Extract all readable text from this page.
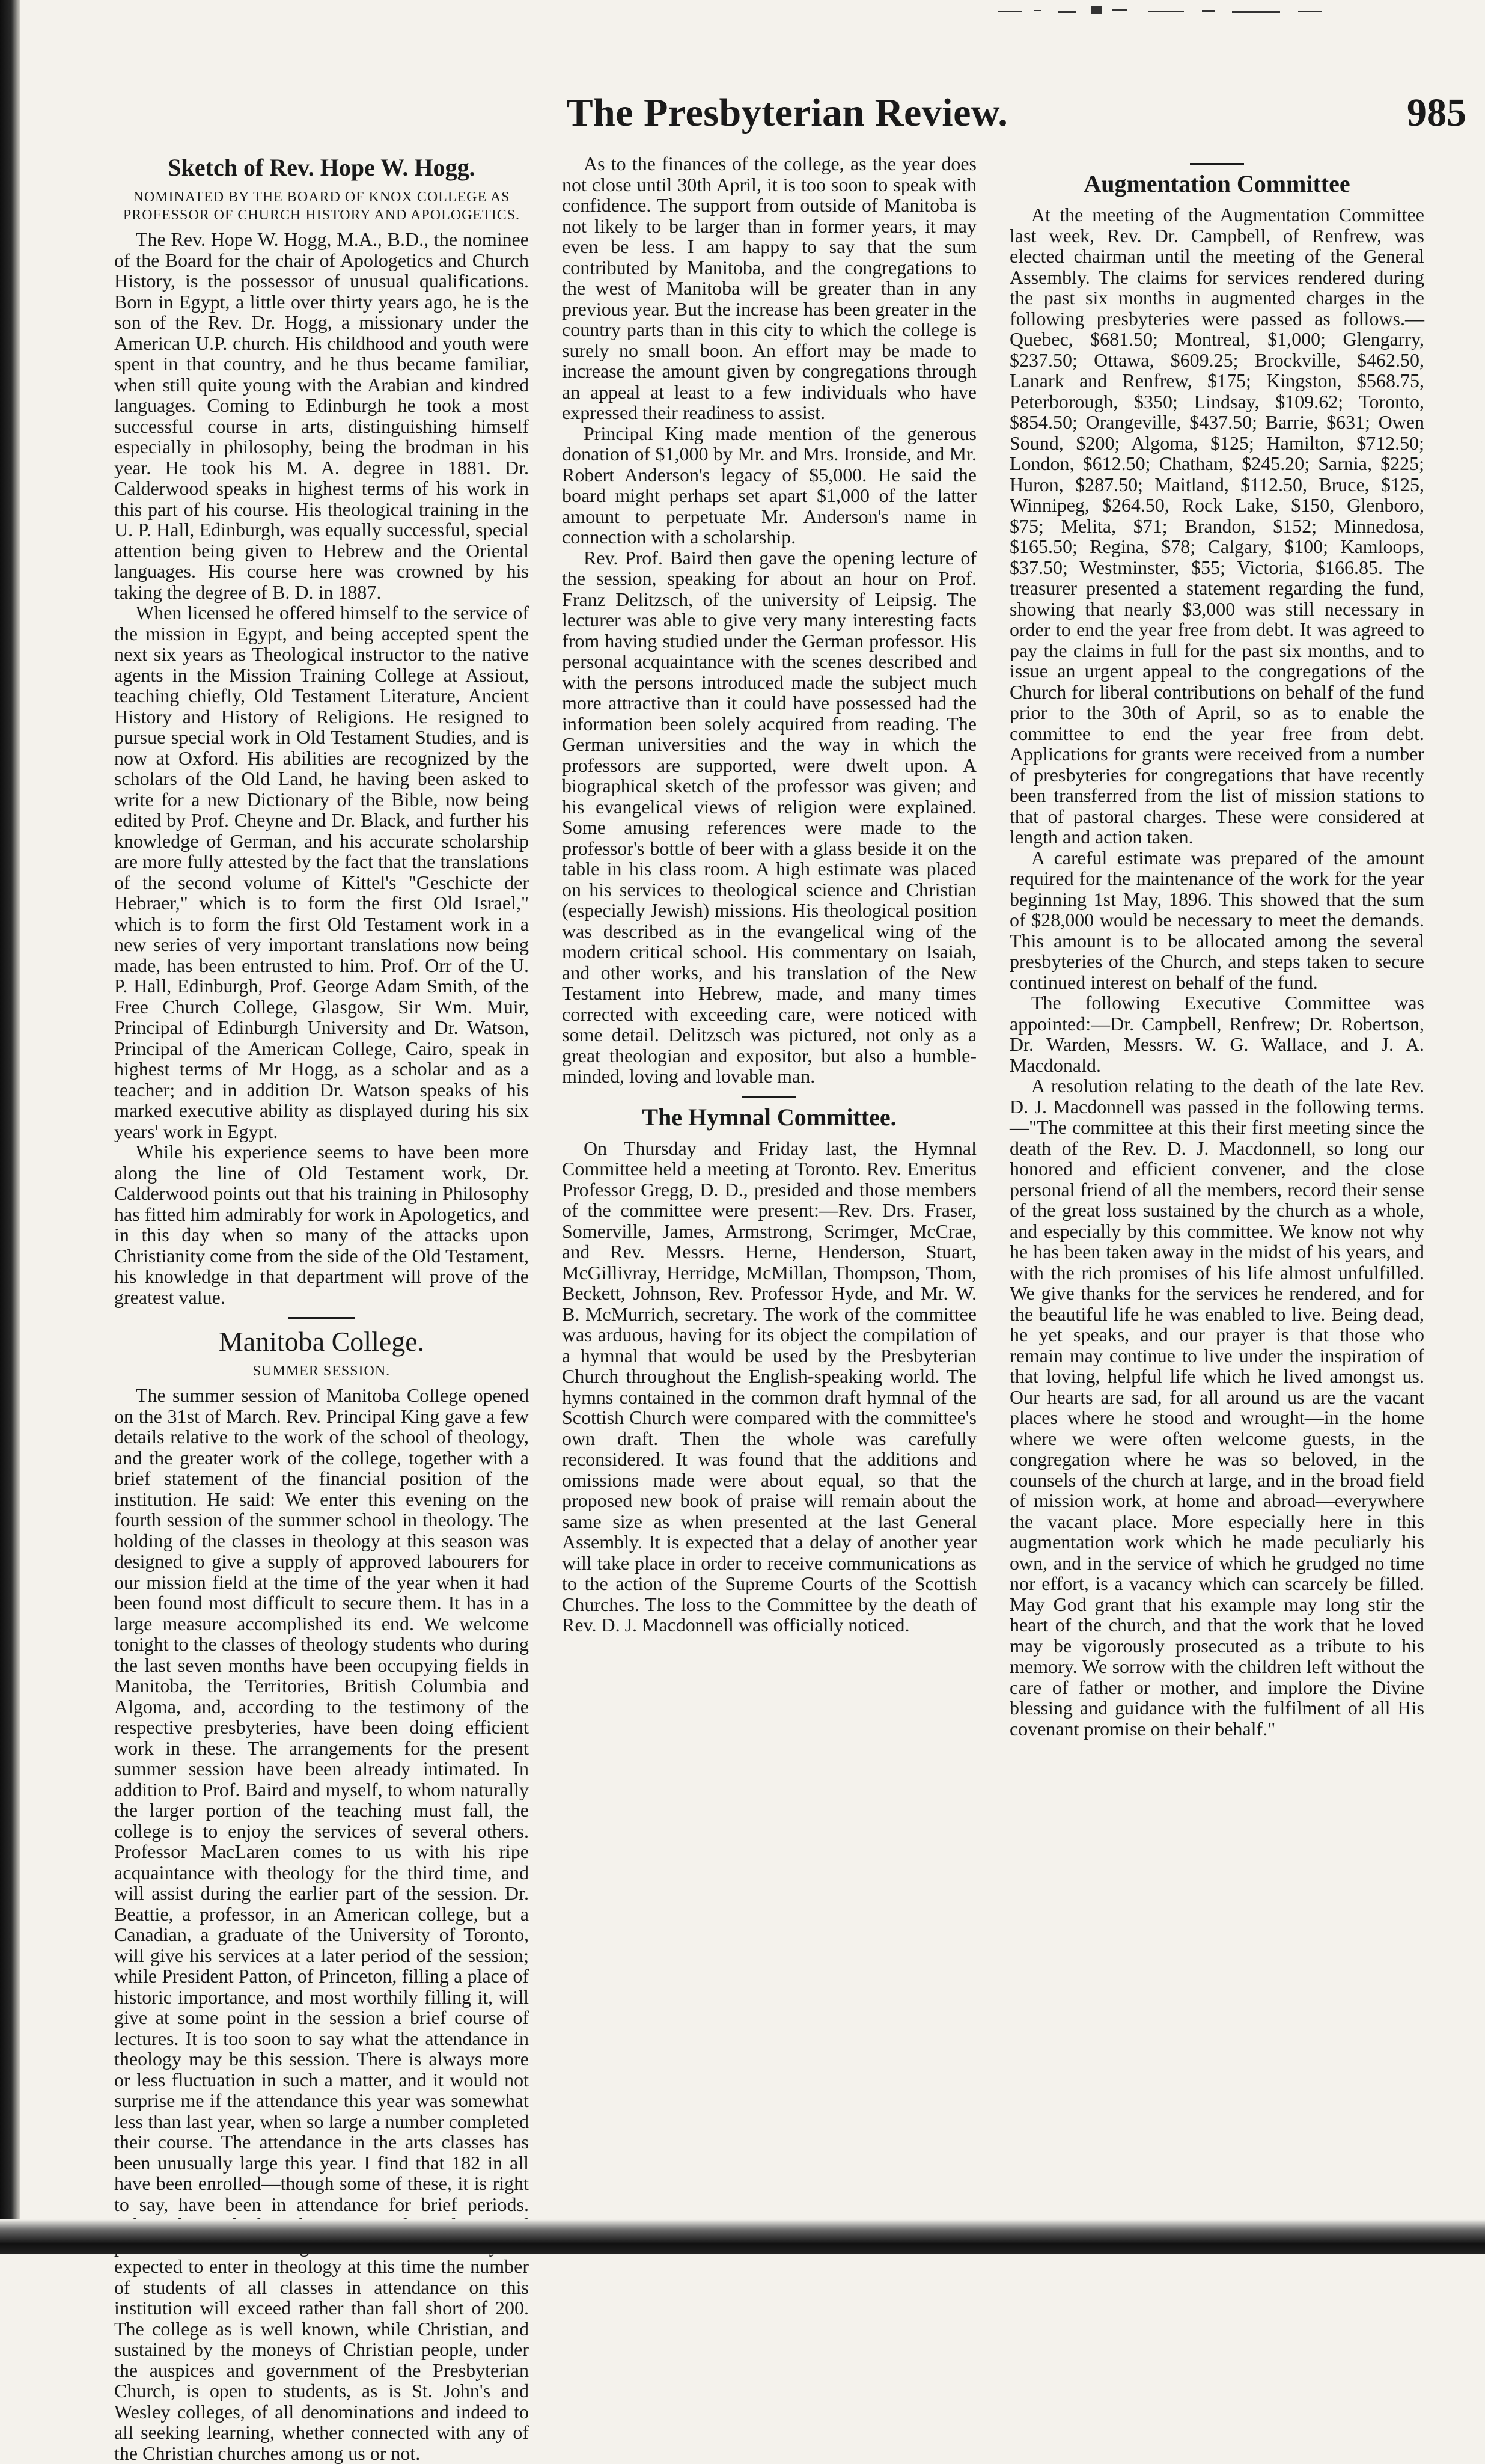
The Presbyterian Review.	985
Sketch of Rev. Hope W. Hogg.
NOMINATED BY THE BOARD OF KNOX COLLEGE AS PROFESSOR OF CHURCH HISTORY AND APOLOGETICS.

The Rev. Hope W. Hogg, M.A., B.D., the nominee of the Board for the chair of Apologetics and Church History, is the possessor of unusual qualifications. Born in Egypt, a little over thirty years ago, he is the son of the Rev. Dr. Hogg, a missionary under the American U.P. church. His childhood and youth were spent in that country, and he thus became familiar, when still quite young with the Arabian and kindred languages. Coming to Edinburgh he took a most successful course in arts, distinguishing himself especially in philosophy, being the brodman in his year. He took his M. A. degree in 1881. Dr. Calderwood speaks in highest terms of his work in this part of his course. His theological training in the U. P. Hall, Edinburgh, was equally successful, special attention being given to Hebrew and the Oriental languages. His course here was crowned by his taking the degree of B. D. in 1887.

When licensed he offered himself to the service of the mission in Egypt, and being accepted spent the next six years as Theological instructor to the native agents in the Mission Training College at Assiout, teaching chiefly, Old Testament Literature, Ancient History and History of Religions. He resigned to pursue special work in Old Testament Studies, and is now at Oxford. His abilities are recognized by the scholars of the Old Land, he having been asked to write for a new Dictionary of the Bible, now being edited by Prof. Cheyne and Dr. Black, and further his knowledge of German, and his accurate scholarship are more fully attested by the fact that the translations of the second volume of Kittel's "Geschicte der Hebraer," which is to form the first Old Israel," which is to form the first Old Testament work in a new series of very important translations now being made, has been entrusted to him. Prof. Orr of the U. P. Hall, Edinburgh, Prof. George Adam Smith, of the Free Church College, Glasgow, Sir Wm. Muir, Principal of Edinburgh University and Dr. Watson, Principal of the American College, Cairo, speak in highest terms of Mr Hogg, as a scholar and as a teacher; and in addition Dr. Watson speaks of his marked executive ability as displayed during his six years' work in Egypt.

While his experience seems to have been more along the line of Old Testament work, Dr. Calderwood points out that his training in Philosophy has fitted him admirably for work in Apologetics, and in this day when so many of the attacks upon Christianity come from the side of the Old Testament, his knowledge in that department will prove of the greatest value.

Manitoba College.
SUMMER SESSION.

The summer session of Manitoba College opened on the 31st of March. Rev. Principal King gave a few details relative to the work of the school of theology, and the greater work of the college, together with a brief statement of the financial position of the institution. He said: We enter this evening on the fourth session of the summer school in theology. The holding of the classes in theology at this season was designed to give a supply of approved labourers for our mission field at the time of the year when it had been found most difficult to secure them. It has in a large measure accomplished its end. We welcome tonight to the classes of theology students who during the last seven months have been occupying fields in Manitoba, the Territories, British Columbia and Algoma, and, according to the testimony of the respective presbyteries, have been doing efficient work in these. The arrangements for the present summer session have been already intimated. In addition to Prof. Baird and myself, to whom naturally the larger portion of the teaching must fall, the college is to enjoy the services of several others. Professor MacLaren comes to us with his ripe acquaintance with theology for the third time, and will assist during the earlier part of the session. Dr. Beattie, a professor, in an American college, but a Canadian, a graduate of the University of Toronto, will give his services at a later period of the session; while President Patton, of Princeton, filling a place of historic importance, and most worthily filling it, will give at some point in the session a brief course of lectures. It is too soon to say what the attendance in theology may be this session. There is always more or less fluctuation in such a matter, and it would not surprise me if the attendance this year was somewhat less than last year, when so large a number completed their course. The attendance in the arts classes has been unusually large this year. I find that 182 in all have been enrolled—though some of these, it is right to say, have been in attendance for brief periods. expected to enter in theology at this time the number of students of all classes in attendance on this institution will exceed rather than fall short of 200. The college as is well known, while Christian, and sustained by the moneys of Christian people, under the auspices and government of the Presbyterian Church, is open to students, as is St. John's and Wesley colleges, of all denominations and indeed to all seeking learning, whether connected with any of the Christian churches among us or not.

As to the finances of the college, as the year does not close until 30th April, it is too soon to speak with confidence. The support from outside of Manitoba is not likely to be larger than in former years, it may even be less. I am happy to say that the sum contributed by Manitoba, and the congregations to the west of Manitoba will be greater than in any previous year. But the increase has been greater in the country parts than in this city to which the college is surely no small boon. An effort may be made to increase the amount given by congregations through an appeal at least to a few individuals who have expressed their readiness to assist.

Principal King made mention of the generous donation of $1,000 by Mr. and Mrs. Ironside, and Mr. Robert Anderson's legacy of $5,000. He said the board might perhaps set apart $1,000 of the latter amount to perpetuate Mr. Anderson's name in connection with a scholarship.

Rev. Prof. Baird then gave the opening lecture of the session, speaking for about an hour on Prof. Franz Delitzsch, of the university of Leipsig. The lecturer was able to give very many interesting facts from having studied under the German professor. His personal acquaintance with the scenes described and with the persons introduced made the subject much more attractive than it could have possessed had the information been solely acquired from reading. The German universities and the way in which the professors are supported, were dwelt upon. A biographical sketch of the professor was given; and his evangelical views of religion were explained. Some amusing references were made to the professor's bottle of beer with a glass beside it on the table in his class room. A high estimate was placed on his services to theological science and Christian (especially Jewish) missions. His theological position was described as in the evangelical wing of the modern critical school. His commentary on Isaiah, and other works, and his translation of the New Testament into Hebrew, made, and many times corrected with exceeding care, were noticed with some detail. Delitzsch was pictured, not only as a great theologian and expositor, but also a humble-minded, loving and lovable man.

The Hymnal Committee.

On Thursday and Friday last, the Hymnal Committee held a meeting at Toronto. Rev. Emeritus Professor Gregg, D. D., presided and those members of the committee were present:—Rev. Drs. Fraser, Somerville, James, Armstrong, Scrimger, McCrae, and Rev. Messrs. Herne, Henderson, Stuart, McGillivray, Herridge, McMillan, Thompson, Thom, Beckett, Johnson, Rev. Professor Hyde, and Mr. W. B. McMurrich, secretary. The work of the committee was arduous, having for its object the compilation of a hymnal that would be used by the Presbyterian Church throughout the English-speaking world. The hymns contained in the common draft hymnal of the Scottish Church were compared with the committee's own draft. Then the whole was carefully reconsidered. It was found that the additions and omissions made were about equal, so that the proposed new book of praise will remain about the same size as when presented at the last General Assembly. It is expected that a delay of another year will take place in order to receive communications as to the action of the Supreme Courts of the Scottish Churches. The loss to the Committee by the death of Rev. D. J. Macdonnell was officially noticed.

Augmentation Committee

At the meeting of the Augmentation Committee last week, Rev. Dr. Campbell, of Renfrew, was elected chairman until the meeting of the General Assembly. The claims for services rendered during the past six months in augmented charges in the following presbyteries were passed as follows.—Quebec, $681.50; Montreal, $1,000; Glengarry, $237.50; Ottawa, $609.25; Brockville, $462.50, Lanark and Renfrew, $175; Kingston, $568.75, Peterborough, $350; Lindsay, $109.62; Toronto, $854.50; Orangeville, $437.50; Barrie, $631; Owen Sound, $200; Algoma, $125; Hamilton, $712.50; London, $612.50; Chatham, $245.20; Sarnia, $225; Huron, $287.50; Maitland, $112.50, Bruce, $125, Winnipeg, $264.50, Rock Lake, $150, Glenboro, $75; Melita, $71; Brandon, $152; Minnedosa, $165.50; Regina, $78; Calgary, $100; Kamloops, $37.50; Westminster, $55; Victoria, $166.85. The treasurer presented a statement regarding the fund, showing that nearly $3,000 was still necessary in order to end the year free from debt. It was agreed to pay the claims in full for the past six months, and to issue an urgent appeal to the congregations of the Church for liberal contributions on behalf of the fund prior to the 30th of April, so as to enable the committee to end the year free from debt. Applications for grants were received from a number of presbyteries for congregations that have recently been transferred from the list of mission stations to that of pastoral charges. These were considered at length and action taken.

A careful estimate was prepared of the amount required for the maintenance of the work for the year beginning 1st May, 1896. This showed that the sum of $28,000 would be necessary to meet the demands. This amount is to be allocated among the several presbyteries of the Church, and steps taken to secure continued interest on behalf of the fund.

The following Executive Committee was appointed:—Dr. Campbell, Renfrew; Dr. Robertson, Dr. Warden, Messrs. W. G. Wallace, and J. A. Macdonald.

A resolution relating to the death of the late Rev. D. J. Macdonnell was passed in the following terms.—"The committee at this their first meeting since the death of the Rev. D. J. Macdonnell, so long our honored and efficient convener, and the close personal friend of all the members, record their sense of the great loss sustained by the church as a whole, and especially by this committee. We know not why he has been taken away in the midst of his years, and with the rich promises of his life almost unfulfilled. We give thanks for the services he rendered, and for the beautiful life he was enabled to live. Being dead, he yet speaks, and our prayer is that those who remain may continue to live under the inspiration of that loving, helpful life which he lived amongst us. Our hearts are sad, for all around us are the vacant places where he stood and wrought—in the home where we were often welcome guests, in the congregation where he was so beloved, in the counsels of the church at large, and in the broad field of mission work, at home and abroad—everywhere the vacant place. More especially here in this augmentation work which he made peculiarly his own, and in the service of which he grudged no time nor effort, is a vacancy which can scarcely be filled. May God grant that his example may long stir the heart of the church, and that the work that he loved may be vigorously prosecuted as a tribute to his memory. We sorrow with the children left without the care of father or mother, and implore the Divine blessing and guidance with the fulfilment of all His covenant promise on their behalf."
